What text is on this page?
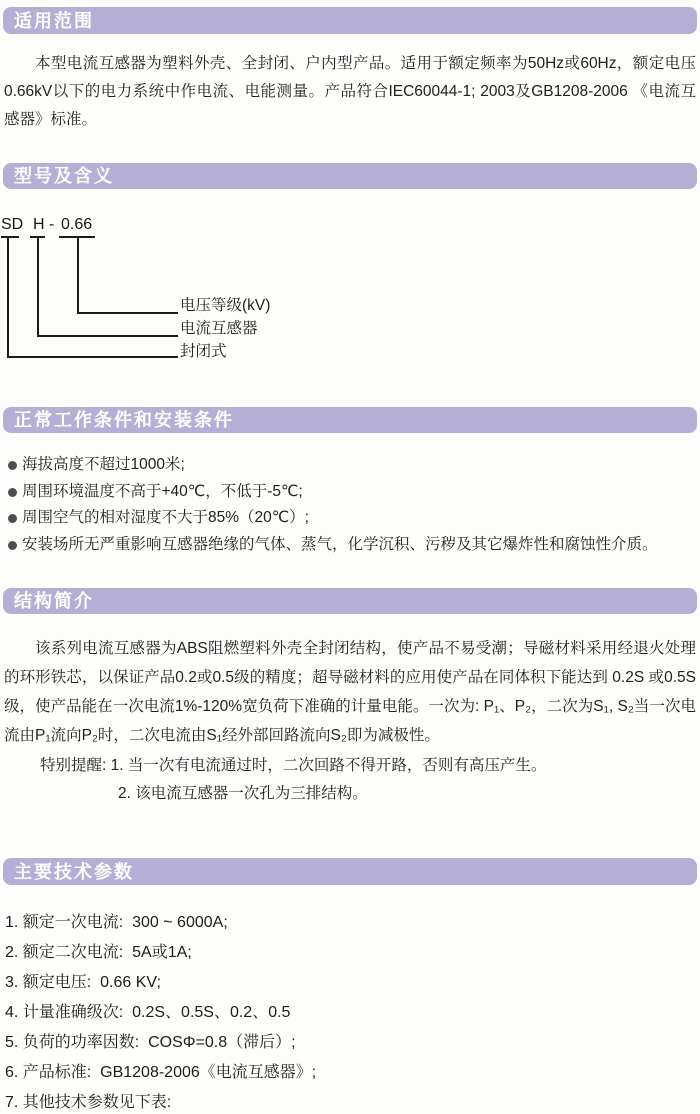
适用范围
本型电流互感器为塑料外壳、全封闭、户内型产品。适用于额定频率为50Hz或60Hz，额定电压0.66kV以下的电力系统中作电流、电能测量。产品符合IEC60044-1; 2003及GB1208-2006 《电流互感器》标准。
型号及含义
SD H - 0.66
电压等级(kV)
电流互感器
封闭式
正常工作条件和安装条件
海拔高度不超过1000米;
周围环境温度不高于+40℃，不低于-5℃;
周围空气的相对湿度不大于85%（20℃）;
安装场所无严重影响互感器绝缘的气体、蒸气，化学沉积、污秽及其它爆炸性和腐蚀性介质。
结构简介
该系列电流互感器为ABS阻燃塑料外壳全封闭结构，使产品不易受潮；导磁材料采用经退火处理的环形铁芯，以保证产品0.2或0.5级的精度；超导磁材料的应用使产品在同体积下能达到 0.2S 或0.5S级，使产品能在一次电流1%-120%宽负荷下准确的计量电能。一次为: P₁、P₂，二次为S₁, S₂当一次电流由P₁流向P₂时，二次电流由S₁经外部回路流向S₂即为减极性。
特别提醒: 1. 当一次有电流通过时，二次回路不得开路，否则有高压产生。
2. 该电流互感器一次孔为三排结构。
主要技术参数
1. 额定一次电流:  300 ~ 6000A;
2. 额定二次电流:  5A或1A;
3. 额定电压:  0.66 KV;
4. 计量准确级次:  0.2S、0.5S、0.2、0.5
5. 负荷的功率因数:  COSΦ=0.8（滞后）;
6. 产品标准:  GB1208-2006《电流互感器》;
7. 其他技术参数见下表:
